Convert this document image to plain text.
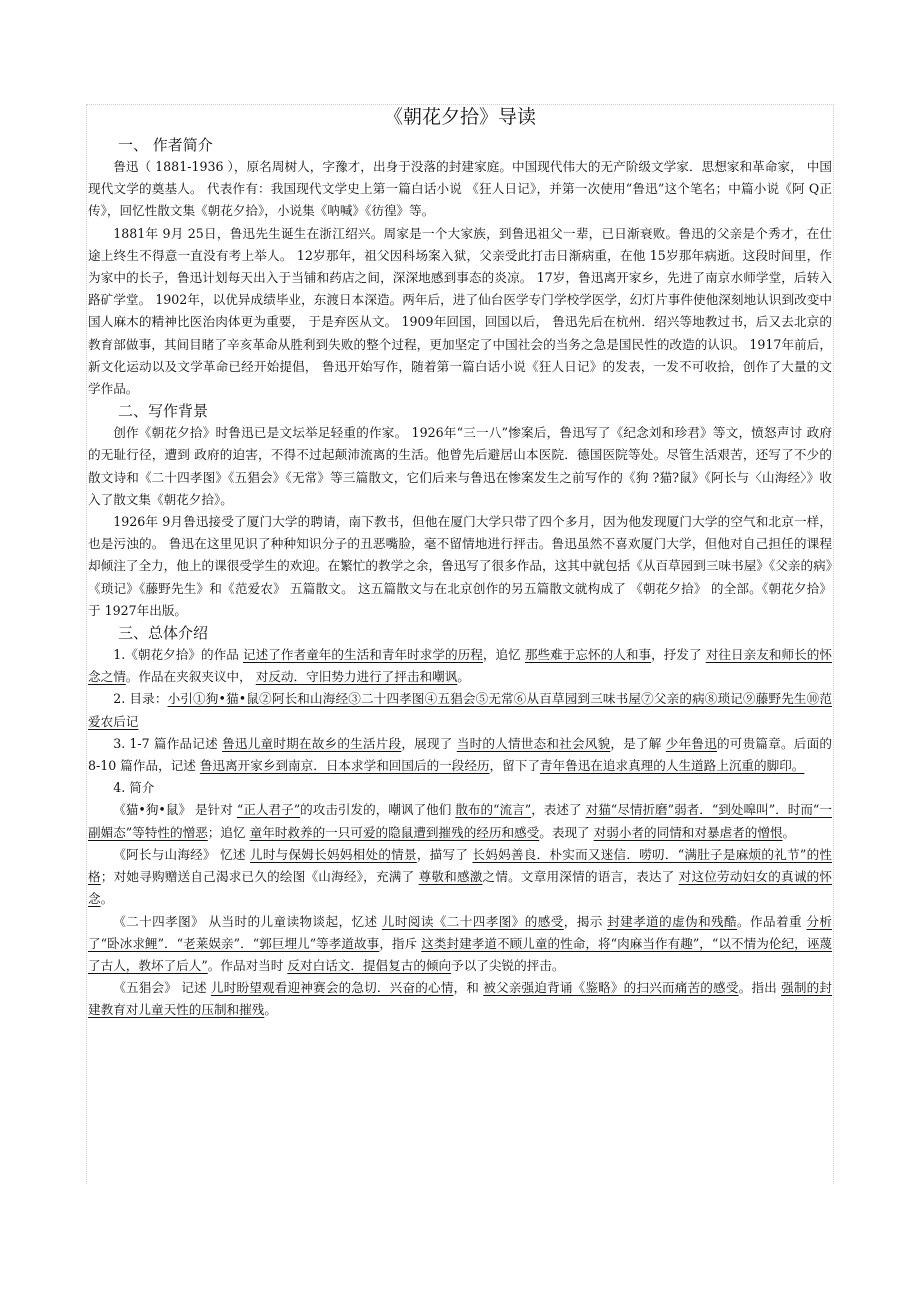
《朝花夕拾》导读
一、 作者简介

鲁迅（ 1881-1936 ），原名周树人，字豫才，出身于没落的封建家庭。中国现代伟大的无产阶级文学家．思想家和革命家， 中国现代文学的奠基人。 代表作有：我国现代文学史上第一篇白话小说 《狂人日记》，并第一次使用“鲁迅”这个笔名；中篇小说《阿 Q正传》，回忆性散文集《朝花夕拾》，小说集《呐喊》《彷徨》等。

1881年 9月 25日，鲁迅先生诞生在浙江绍兴。周家是一个大家族，到鲁迅祖父一辈，已日渐衰败。鲁迅的父亲是个秀才，在仕途上终生不得意一直没有考上举人。 12岁那年，祖父因科场案入狱，父亲受此打击日渐病重，在他 15岁那年病逝。这段时间里，作为家中的长子，鲁迅计划每天出入于当铺和药店之间，深深地感到事态的炎凉。 17岁，鲁迅离开家乡，先进了南京水师学堂，后转入路矿学堂。 1902年，以优异成绩毕业，东渡日本深造。两年后，进了仙台医学专门学校学医学，幻灯片事件使他深刻地认识到改变中国人麻木的精神比医治肉体更为重要， 于是弃医从文。 1909年回国，回国以后， 鲁迅先后在杭州．绍兴等地教过书，后又去北京的教育部做事，其间目睹了辛亥革命从胜利到失败的整个过程，更加坚定了中国社会的当务之急是国民性的改造的认识。 1917年前后， 新文化运动以及文学革命已经开始提倡， 鲁迅开始写作，随着第一篇白话小说《狂人日记》的发表，一发不可收拾，创作了大量的文学作品。

二、写作背景

创作《朝花夕拾》时鲁迅已是文坛举足轻重的作家。 1926年“三一八”惨案后，鲁迅写了《纪念刘和珍君》等文，愤怒声讨 政府的无耻行径，遭到 政府的迫害，不得不过起颠沛流离的生活。他曾先后避居山本医院．德国医院等处。尽管生活艰苦，还写了不少的散文诗和《二十四孝图》《五猖会》《无常》等三篇散文，它们后来与鲁迅在惨案发生之前写作的《狗 ?猫?鼠》《阿长与〈山海经〉》收入了散文集《朝花夕拾》。

1926年 9月鲁迅接受了厦门大学的聘请，南下教书，但他在厦门大学只带了四个多月，因为他发现厦门大学的空气和北京一样，也是污浊的。 鲁迅在这里见识了种种知识分子的丑恶嘴脸，毫不留情地进行抨击。鲁迅虽然不喜欢厦门大学，但他对自己担任的课程却倾注了全力，他上的课很受学生的欢迎。在繁忙的教学之余，鲁迅写了很多作品，这其中就包括《从百草园到三味书屋》《父亲的病》《琐记》《藤野先生》和《范爱农》 五篇散文。 这五篇散文与在北京创作的另五篇散文就构成了 《朝花夕拾》 的全部。《朝花夕拾》于 1927年出版。

三、总体介绍

1.《朝花夕拾》的作品 记述了作者童年的生活和青年时求学的历程，追忆 那些难于忘怀的人和事，抒发了 对往日亲友和师长的怀念之情。作品在夹叙夹议中， 对反动．守旧势力进行了抨击和嘲讽。

2. 目录：小引①狗•猫•鼠②阿长和山海经③二十四孝图④五猖会⑤无常⑥从百草园到三味书屋⑦父亲的病⑧琐记⑨藤野先生⑩范爱农后记

3. 1-7 篇作品记述 鲁迅儿童时期在故乡的生活片段，展现了 当时的人情世态和社会风貌，是了解 少年鲁迅的可贵篇章。后面的 8-10 篇作品，记述 鲁迅离开家乡到南京．日本求学和回国后的一段经历，留下了青年鲁迅在追求真理的人生道路上沉重的脚印。

4. 简介

《猫•狗•鼠》 是针对 “正人君子”的攻击引发的，嘲讽了他们 散布的“流言”，表述了 对猫“尽情折磨”弱者．“到处嗥叫”．时而“一副媚态”等特性的憎恶；追忆 童年时救养的一只可爱的隐鼠遭到摧残的经历和感受。表现了 对弱小者的同情和对暴虐者的憎恨。

《阿长与山海经》 忆述 儿时与保姆长妈妈相处的情景，描写了 长妈妈善良．朴实而又迷信．唠叨．“满肚子是麻烦的礼节”的性格；对她寻购赠送自己渴求已久的绘图《山海经》，充满了 尊敬和感激之情。文章用深情的语言，表达了 对这位劳动妇女的真诚的怀念。

《二十四孝图》 从当时的儿童读物谈起，忆述 儿时阅读《二十四孝图》的感受，揭示 封建孝道的虚伪和残酷。作品着重 分析了“卧冰求鲤”．“老莱娱亲”．“郭巨埋儿”等孝道故事，指斥 这类封建孝道不顾儿童的性命，将“肉麻当作有趣”，“以不情为伦纪，诬蔑了古人，教坏了后人”。作品对当时 反对白话文．提倡复古的倾向予以了尖锐的抨击。

《五猖会》 记述 儿时盼望观看迎神赛会的急切．兴奋的心情，和 被父亲强迫背诵《鉴略》的扫兴而痛苦的感受。指出 强制的封建教育对儿童天性的压制和摧残。
